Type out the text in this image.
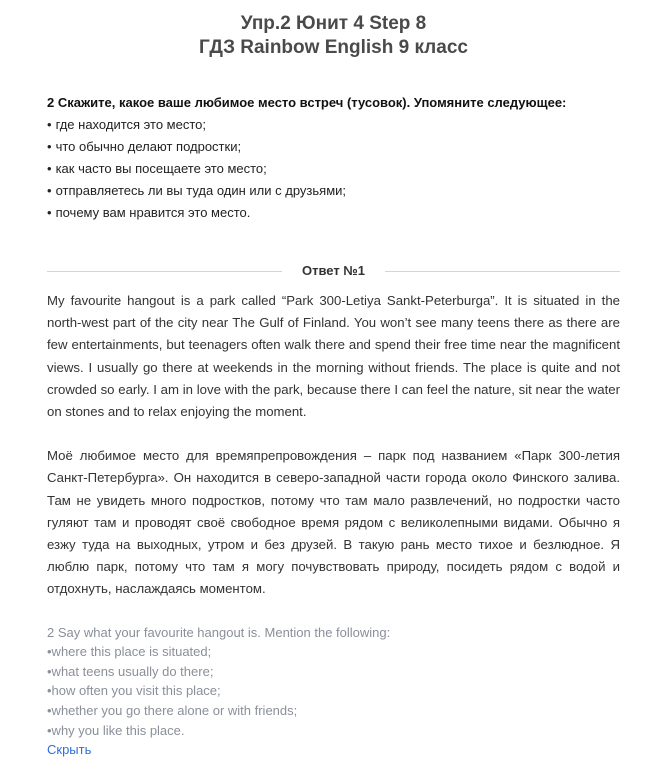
Упр.2 Юнит 4 Step 8
ГДЗ Rainbow English 9 класс
2 Скажите, какое ваше любимое место встреч (тусовок). Упомяните следующее:
• где находится это место;
• что обычно делают подростки;
• как часто вы посещаете это место;
• отправляетесь ли вы туда один или с друзьями;
• почему вам нравится это место.
Ответ №1

My favourite hangout is a park called “Park 300-Letiya Sankt-Peterburga”. It is situated in the north-west part of the city near The Gulf of Finland. You won’t see many teens there as there are few entertainments, but teenagers often walk there and spend their free time near the magnificent views. I usually go there at weekends in the morning without friends. The place is quite and not crowded so early. I am in love with the park, because there I can feel the nature, sit near the water on stones and to relax enjoying the moment.

Моё любимое место для времяпрепровождения – парк под названием «Парк 300-летия Санкт-Петербурга». Он находится в северо-западной части города около Финского залива. Там не увидеть много подростков, потому что там мало развлечений, но подростки часто гуляют там и проводят своё свободное время рядом с великолепными видами. Обычно я езжу туда на выходных, утром и без друзей. В такую рань место тихое и безлюдное. Я люблю парк, потому что там я могу почувствовать природу, посидеть рядом с водой и отдохнуть, наслаждаясь моментом.

2 Say what your favourite hangout is. Mention the following:
•where this place is situated;
•what teens usually do there;
•how often you visit this place;
•whether you go there alone or with friends;
•why you like this place.
Скрыть
